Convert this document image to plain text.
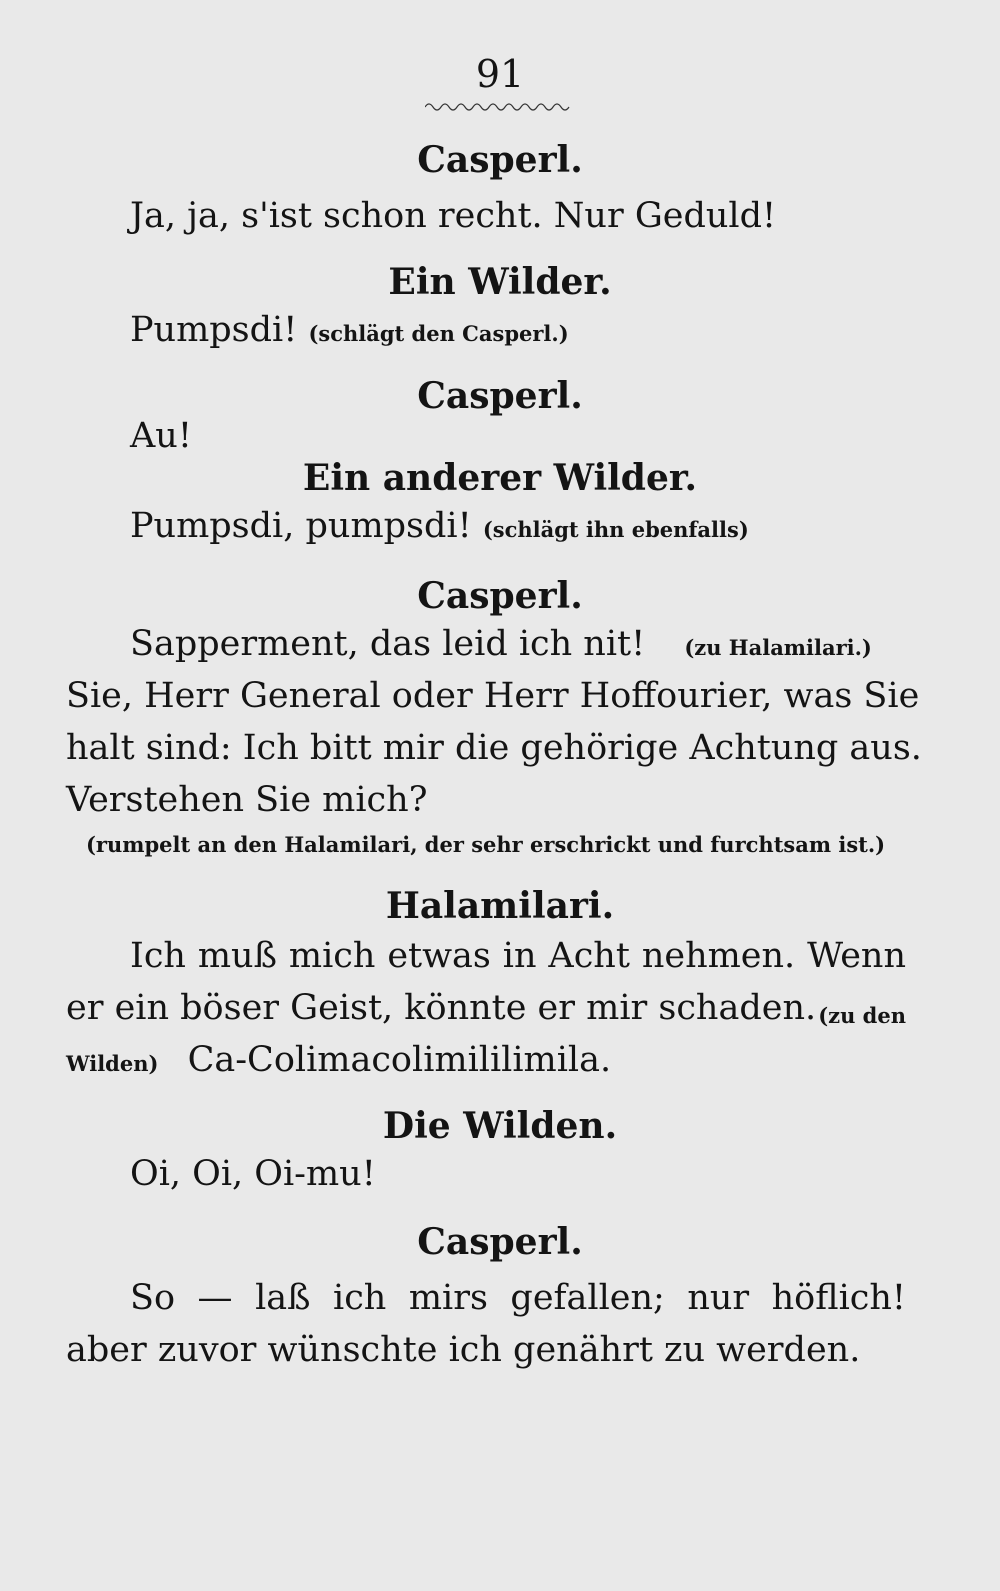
91
Casperl.
Ja, ja, s'ist schon recht. Nur Geduld!
Ein Wilder.
Pumpsdi! (schlägt den Casperl.)
Casperl.
Au!
Ein anderer Wilder.
Pumpsdi, pumpsdi! (schlägt ihn ebenfalls)
Casperl.
Sapperment, das leid ich nit! (zu Halamilari.)
Sie, Herr General oder Herr Hoffourier, was Sie
halt sind: Ich bitt mir die gehörige Achtung aus.
Verstehen Sie mich?
(rumpelt an den Halamilari, der sehr erschrickt und furchtsam ist.)
Halamilari.
Ich muß mich etwas in Acht nehmen. Wenn
er ein böser Geist, könnte er mir schaden. (zu den
Wilden) Ca-Colimacolimililimila.
Die Wilden.
Oi, Oi, Oi-mu!
Casperl.
So — laß ich mirs gefallen; nur höflich!
aber zuvor wünschte ich genährt zu werden.
